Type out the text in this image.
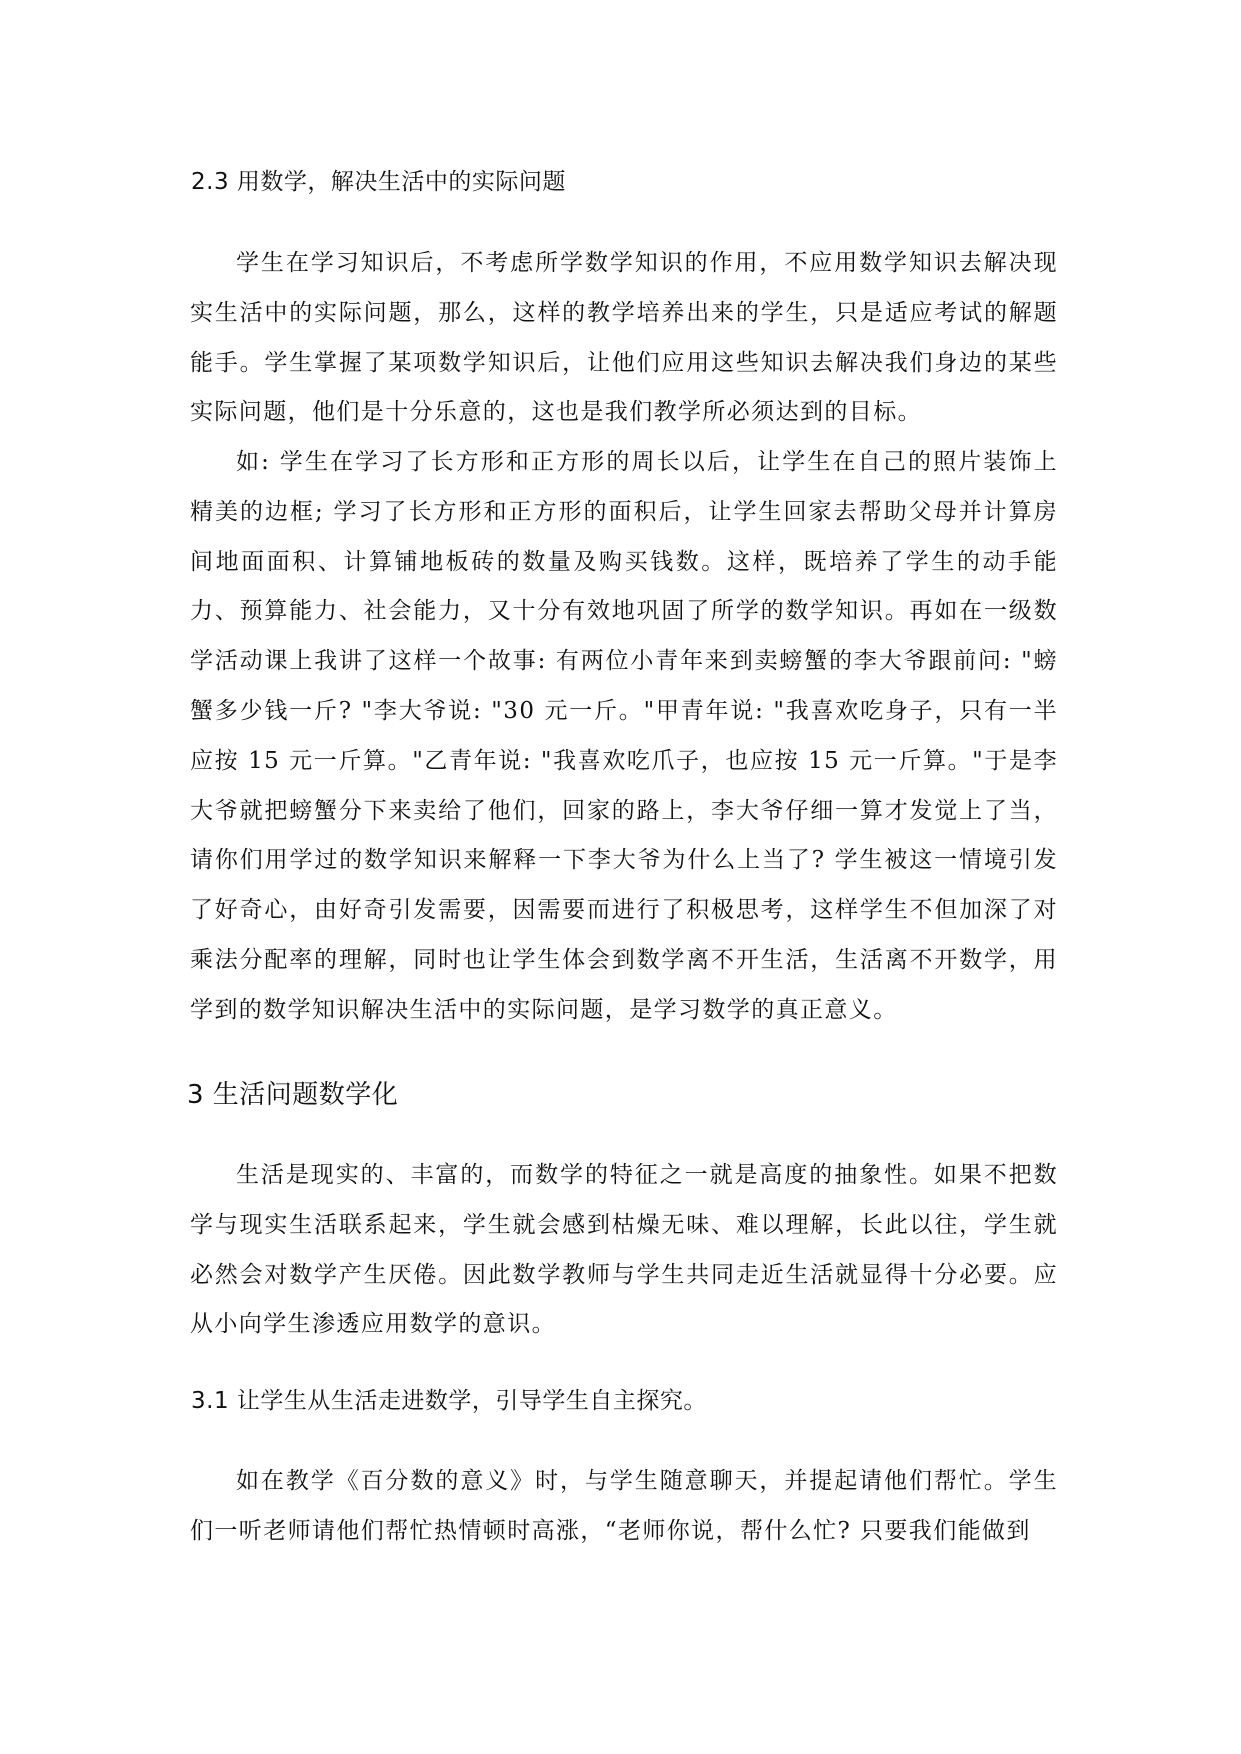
2.3 用数学，解决生活中的实际问题

学生在学习知识后，不考虑所学数学知识的作用，不应用数学知识去解决现实生活中的实际问题，那么，这样的教学培养出来的学生，只是适应考试的解题能手。学生掌握了某项数学知识后，让他们应用这些知识去解决我们身边的某些实际问题，他们是十分乐意的，这也是我们教学所必须达到的目标。

如: 学生在学习了长方形和正方形的周长以后，让学生在自己的照片装饰上精美的边框; 学习了长方形和正方形的面积后，让学生回家去帮助父母并计算房间地面面积、计算铺地板砖的数量及购买钱数。这样，既培养了学生的动手能力、预算能力、社会能力，又十分有效地巩固了所学的数学知识。再如在一级数学活动课上我讲了这样一个故事: 有两位小青年来到卖螃蟹的李大爷跟前问: "螃蟹多少钱一斤? "李大爷说: "30 元一斤。"甲青年说: "我喜欢吃身子，只有一半应按 15 元一斤算。"乙青年说: "我喜欢吃爪子，也应按 15 元一斤算。"于是李大爷就把螃蟹分下来卖给了他们，回家的路上，李大爷仔细一算才发觉上了当，请你们用学过的数学知识来解释一下李大爷为什么上当了? 学生被这一情境引发了好奇心，由好奇引发需要，因需要而进行了积极思考，这样学生不但加深了对乘法分配率的理解，同时也让学生体会到数学离不开生活，生活离不开数学，用学到的数学知识解决生活中的实际问题，是学习数学的真正意义。

3 生活问题数学化

生活是现实的、丰富的，而数学的特征之一就是高度的抽象性。如果不把数学与现实生活联系起来，学生就会感到枯燥无味、难以理解，长此以往，学生就必然会对数学产生厌倦。因此数学教师与学生共同走近生活就显得十分必要。应从小向学生渗透应用数学的意识。

3.1 让学生从生活走进数学，引导学生自主探究。

如在教学《百分数的意义》时，与学生随意聊天，并提起请他们帮忙。学生们一听老师请他们帮忙热情顿时高涨，“老师你说，帮什么忙? 只要我们能做到
